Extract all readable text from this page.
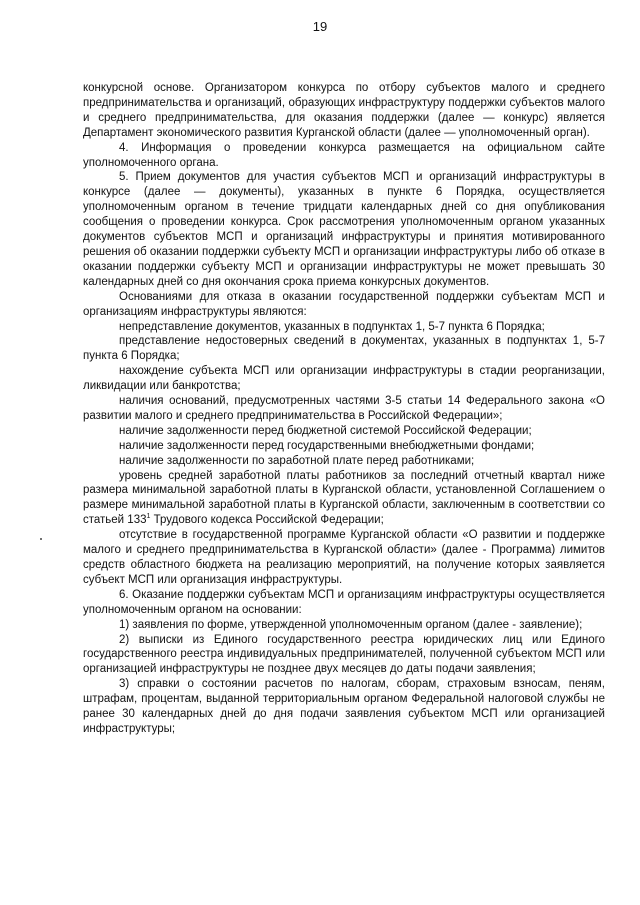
19

конкурсной основе. Организатором конкурса по отбору субъектов малого и среднего предпринимательства и организаций, образующих инфраструктуру поддержки субъектов малого и среднего предпринимательства, для оказания поддержки (далее — конкурс) является Департамент экономического развития Курганской области (далее — уполномоченный орган).

4. Информация о проведении конкурса размещается на официальном сайте уполномоченного органа.

5. Прием документов для участия субъектов МСП и организаций инфраструктуры в конкурсе (далее — документы), указанных в пункте 6 Порядка, осуществляется уполномоченным органом в течение тридцати календарных дней со дня опубликования сообщения о проведении конкурса. Срок рассмотрения уполномоченным органом указанных документов субъектов МСП и организаций инфраструктуры и принятия мотивированного решения об оказании поддержки субъекту МСП и организации инфраструктуры либо об отказе в оказании поддержки субъекту МСП и организации инфраструктуры не может превышать 30 календарных дней со дня окончания срока приема конкурсных документов.

Основаниями для отказа в оказании государственной поддержки субъектам МСП и организациям инфраструктуры являются:

непредставление документов, указанных в подпунктах 1, 5-7 пункта 6 Порядка;

представление недостоверных сведений в документах, указанных в подпунктах 1, 5-7 пункта 6 Порядка;

нахождение субъекта МСП или организации инфраструктуры в стадии реорганизации, ликвидации или банкротства;

наличия оснований, предусмотренных частями 3-5 статьи 14 Федерального закона «О развитии малого и среднего предпринимательства в Российской Федерации»;

наличие задолженности перед бюджетной системой Российской Федерации;

наличие задолженности перед государственными внебюджетными фондами;

наличие задолженности по заработной плате перед работниками;

уровень средней заработной платы работников за последний отчетный квартал ниже размера минимальной заработной платы в Курганской области, установленной Соглашением о размере минимальной заработной платы в Курганской области, заключенным в соответствии со статьей $133^1$ Трудового кодекса Российской Федерации;

отсутствие в государственной программе Курганской области «О развитии и поддержке малого и среднего предпринимательства в Курганской области» (далее - Программа) лимитов средств областного бюджета на реализацию мероприятий, на получение которых заявляется субъект МСП или организация инфраструктуры.

6. Оказание поддержки субъектам МСП и организациям инфраструктуры осуществляется уполномоченным органом на основании:

1) заявления по форме, утвержденной уполномоченным органом (далее - заявление);

2) выписки из Единого государственного реестра юридических лиц или Единого государственного реестра индивидуальных предпринимателей, полученной субъектом МСП или организацией инфраструктуры не позднее двух месяцев до даты подачи заявления;

3) справки о состоянии расчетов по налогам, сборам, страховым взносам, пеням, штрафам, процентам, выданной территориальным органом Федеральной налоговой службы не ранее 30 календарных дней до дня подачи заявления субъектом МСП или организацией инфраструктуры;
